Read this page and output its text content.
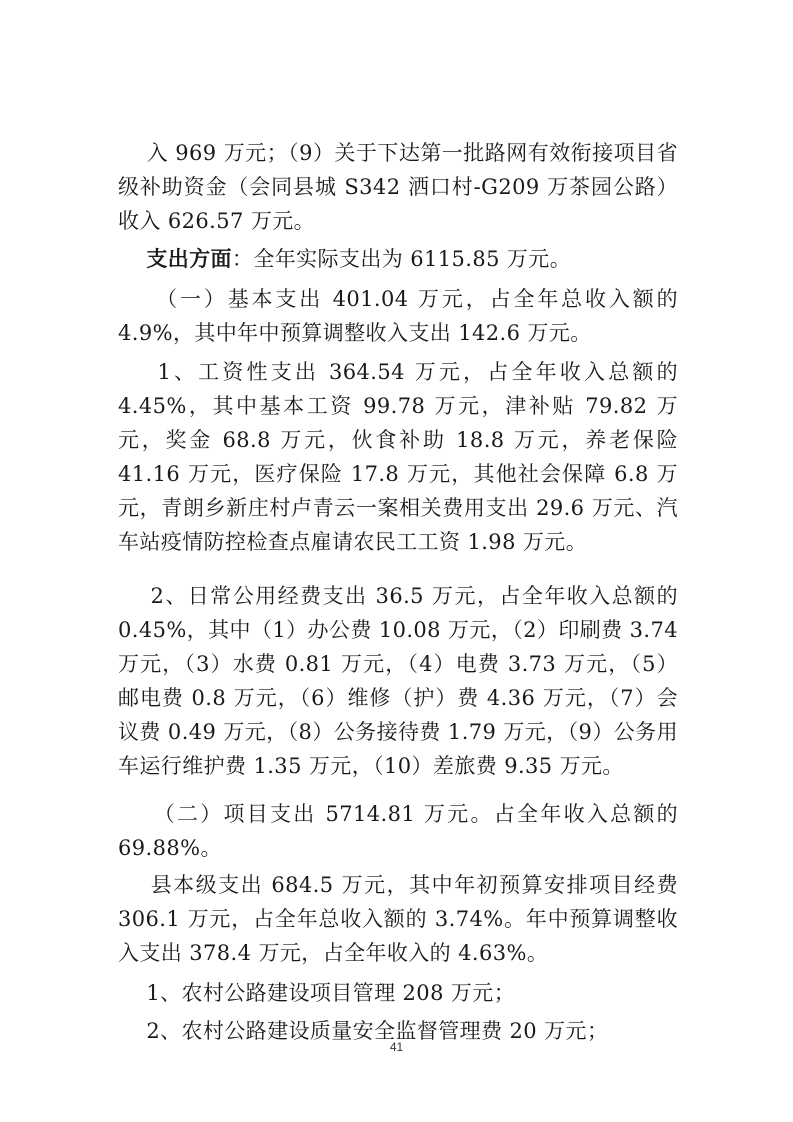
入 969 万元；（9）关于下达第一批路网有效衔接项目省级补助资金（会同县城 S342 洒口村-G209 万茶园公路）收入 626.57 万元。

支出方面：全年实际支出为 6115.85 万元。

（一）基本支出 401.04 万元，占全年总收入额的 4.9%，其中年中预算调整收入支出 142.6 万元。

1、工资性支出 364.54 万元，占全年收入总额的 4.45%，其中基本工资 99.78 万元，津补贴 79.82 万元，奖金 68.8 万元，伙食补助 18.8 万元，养老保险 41.16 万元，医疗保险 17.8 万元，其他社会保障 6.8 万元，青朗乡新庄村卢青云一案相关费用支出 29.6 万元、汽车站疫情防控检查点雇请农民工工资 1.98 万元。

2、日常公用经费支出 36.5 万元，占全年收入总额的 0.45%，其中（1）办公费 10.08 万元，（2）印刷费 3.74 万元，（3）水费 0.81 万元，（4）电费 3.73 万元，（5）邮电费 0.8 万元，（6）维修（护）费 4.36 万元，（7）会议费 0.49 万元，（8）公务接待费 1.79 万元，（9）公务用车运行维护费 1.35 万元，（10）差旅费 9.35 万元。

（二）项目支出 5714.81 万元。占全年收入总额的 69.88%。

县本级支出 684.5 万元，其中年初预算安排项目经费 306.1 万元，占全年总收入额的 3.74%。年中预算调整收入支出 378.4 万元，占全年收入的 4.63%。

1、农村公路建设项目管理 208 万元；

2、农村公路建设质量安全监督管理费 20 万元；

41
